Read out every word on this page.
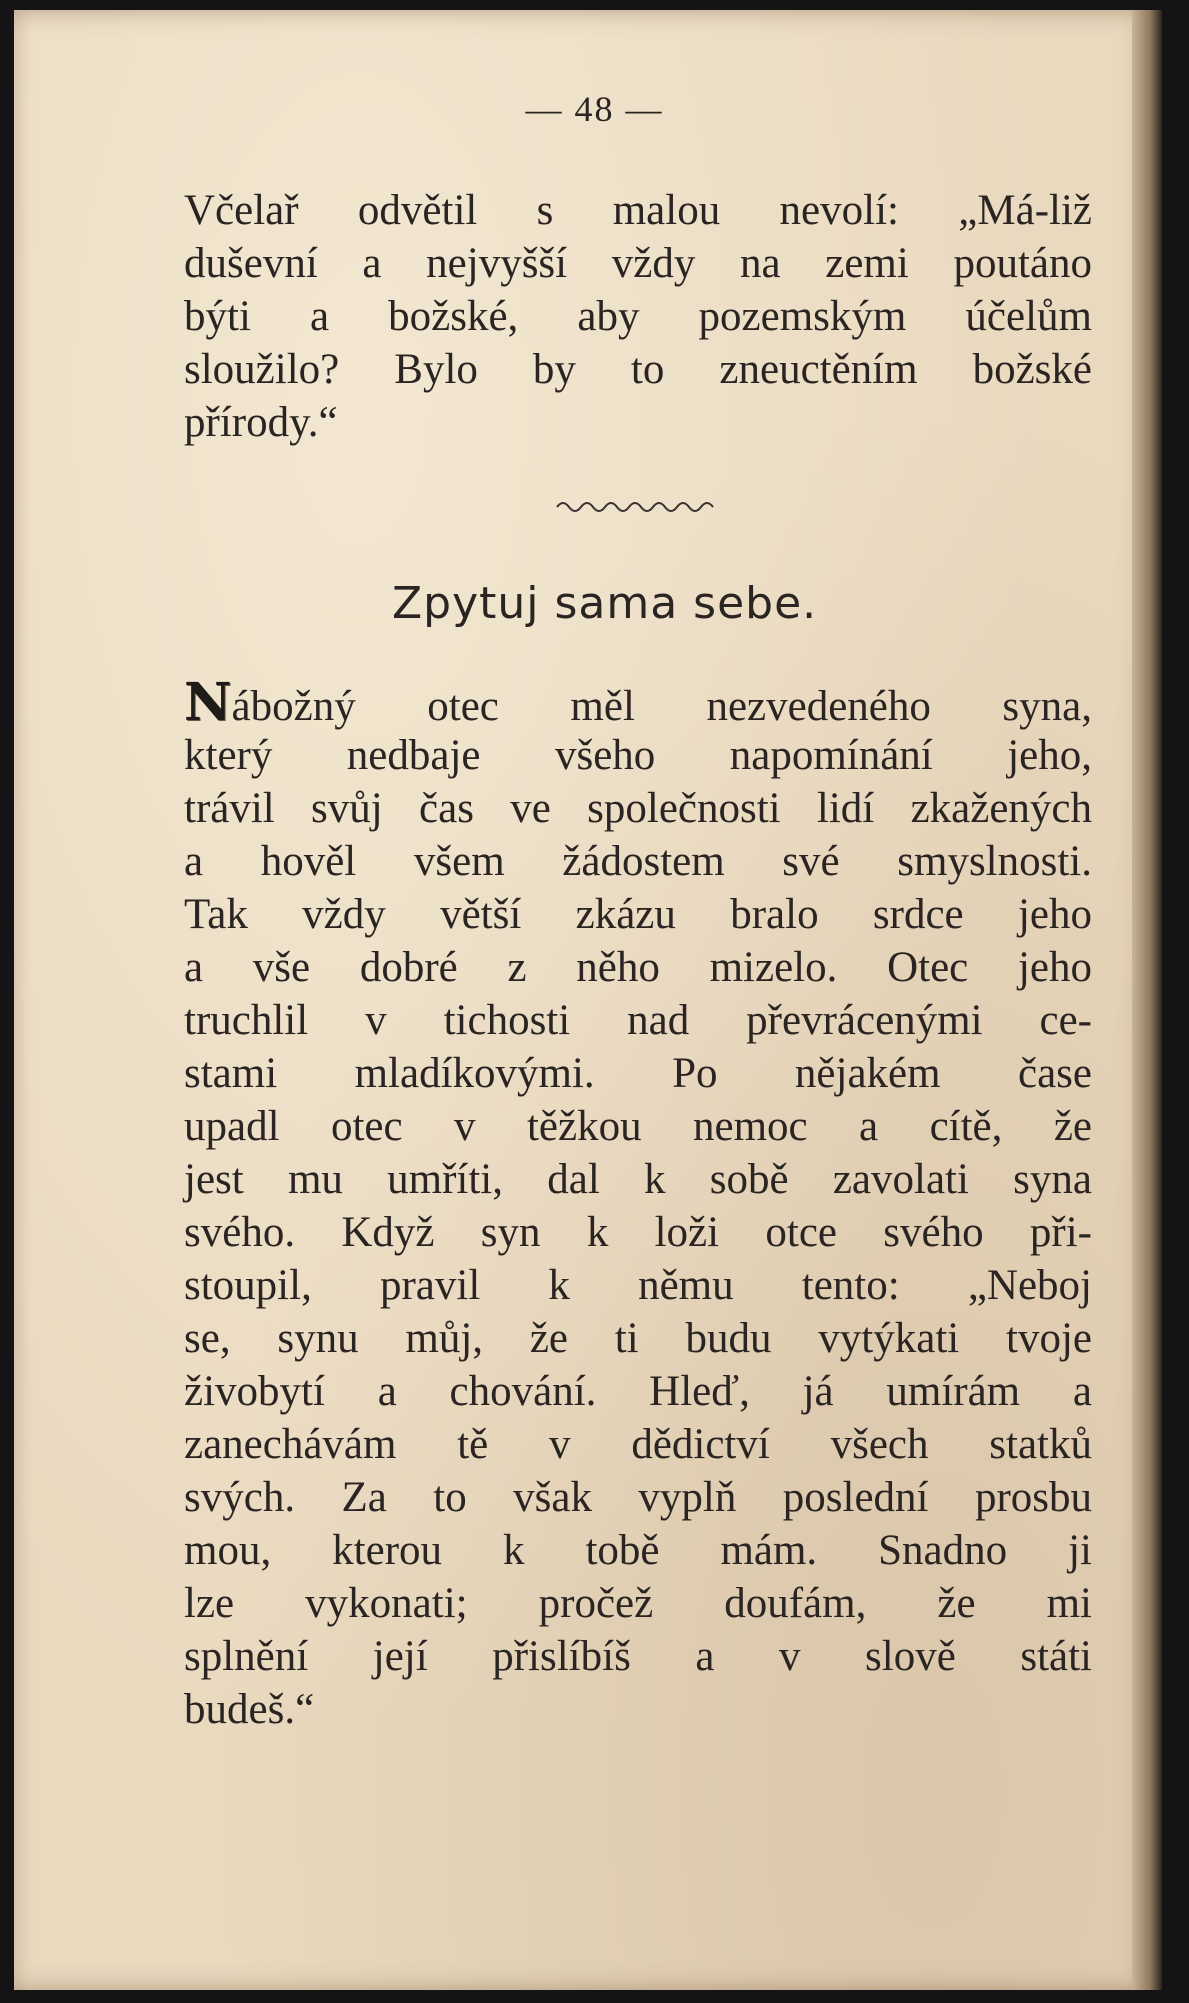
— 48 —
Včelař odvětil s malou nevolí: „Má-liž
duševní a nejvyšší vždy na zemi poutáno
býti a božské, aby pozemským účelům
sloužilo? Bylo by to zneuctěním božské
přírody.“
Zpytuj sama sebe.
Nábožný otec měl nezvedeného syna,
který nedbaje všeho napomínání jeho,
trávil svůj čas ve společnosti lidí zkažených
a hověl všem žádostem své smyslnosti.
Tak vždy větší zkázu bralo srdce jeho
a vše dobré z něho mizelo. Otec jeho
truchlil v tichosti nad převrácenými ce-
stami mladíkovými. Po nějakém čase
upadl otec v těžkou nemoc a cítě, že
jest mu umříti, dal k sobě zavolati syna
svého. Když syn k loži otce svého při-
stoupil, pravil k němu tento: „Neboj
se, synu můj, že ti budu vytýkati tvoje
živobytí a chování. Hleď, já umírám a
zanechávám tě v dědictví všech statků
svých. Za to však vyplň poslední prosbu
mou, kterou k tobě mám. Snadno ji
lze vykonati; pročež doufám, že mi
splnění její přislíbíš a v slově státi
budeš.“
